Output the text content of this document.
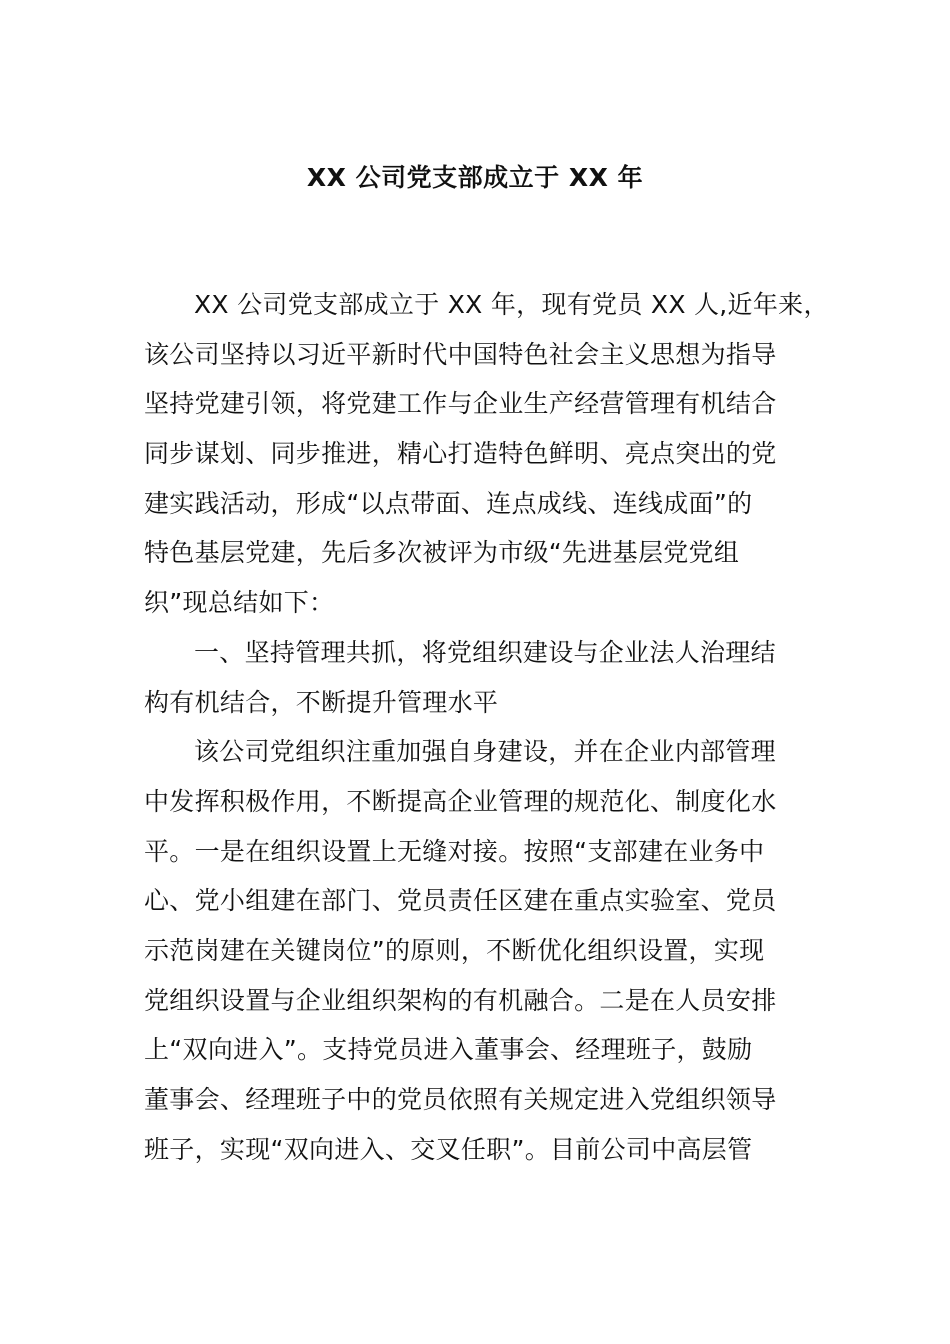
XX 公司党支部成立于 XX 年
XX 公司党支部成立于 XX 年，现有党员 XX 人,近年来，
该公司坚持以习近平新时代中国特色社会主义思想为指导
坚持党建引领，将党建工作与企业生产经营管理有机结合
同步谋划、同步推进，精心打造特色鲜明、亮点突出的党
建实践活动，形成“以点带面、连点成线、连线成面”的
特色基层党建，先后多次被评为市级“先进基层党党组
织”现总结如下：
一、坚持管理共抓，将党组织建设与企业法人治理结
构有机结合，不断提升管理水平
该公司党组织注重加强自身建设，并在企业内部管理
中发挥积极作用，不断提高企业管理的规范化、制度化水
平。一是在组织设置上无缝对接。按照“支部建在业务中
心、党小组建在部门、党员责任区建在重点实验室、党员
示范岗建在关键岗位”的原则，不断优化组织设置，实现
党组织设置与企业组织架构的有机融合。二是在人员安排
上“双向进入”。支持党员进入董事会、经理班子，鼓励
董事会、经理班子中的党员依照有关规定进入党组织领导
班子，实现“双向进入、交叉任职”。目前公司中高层管
